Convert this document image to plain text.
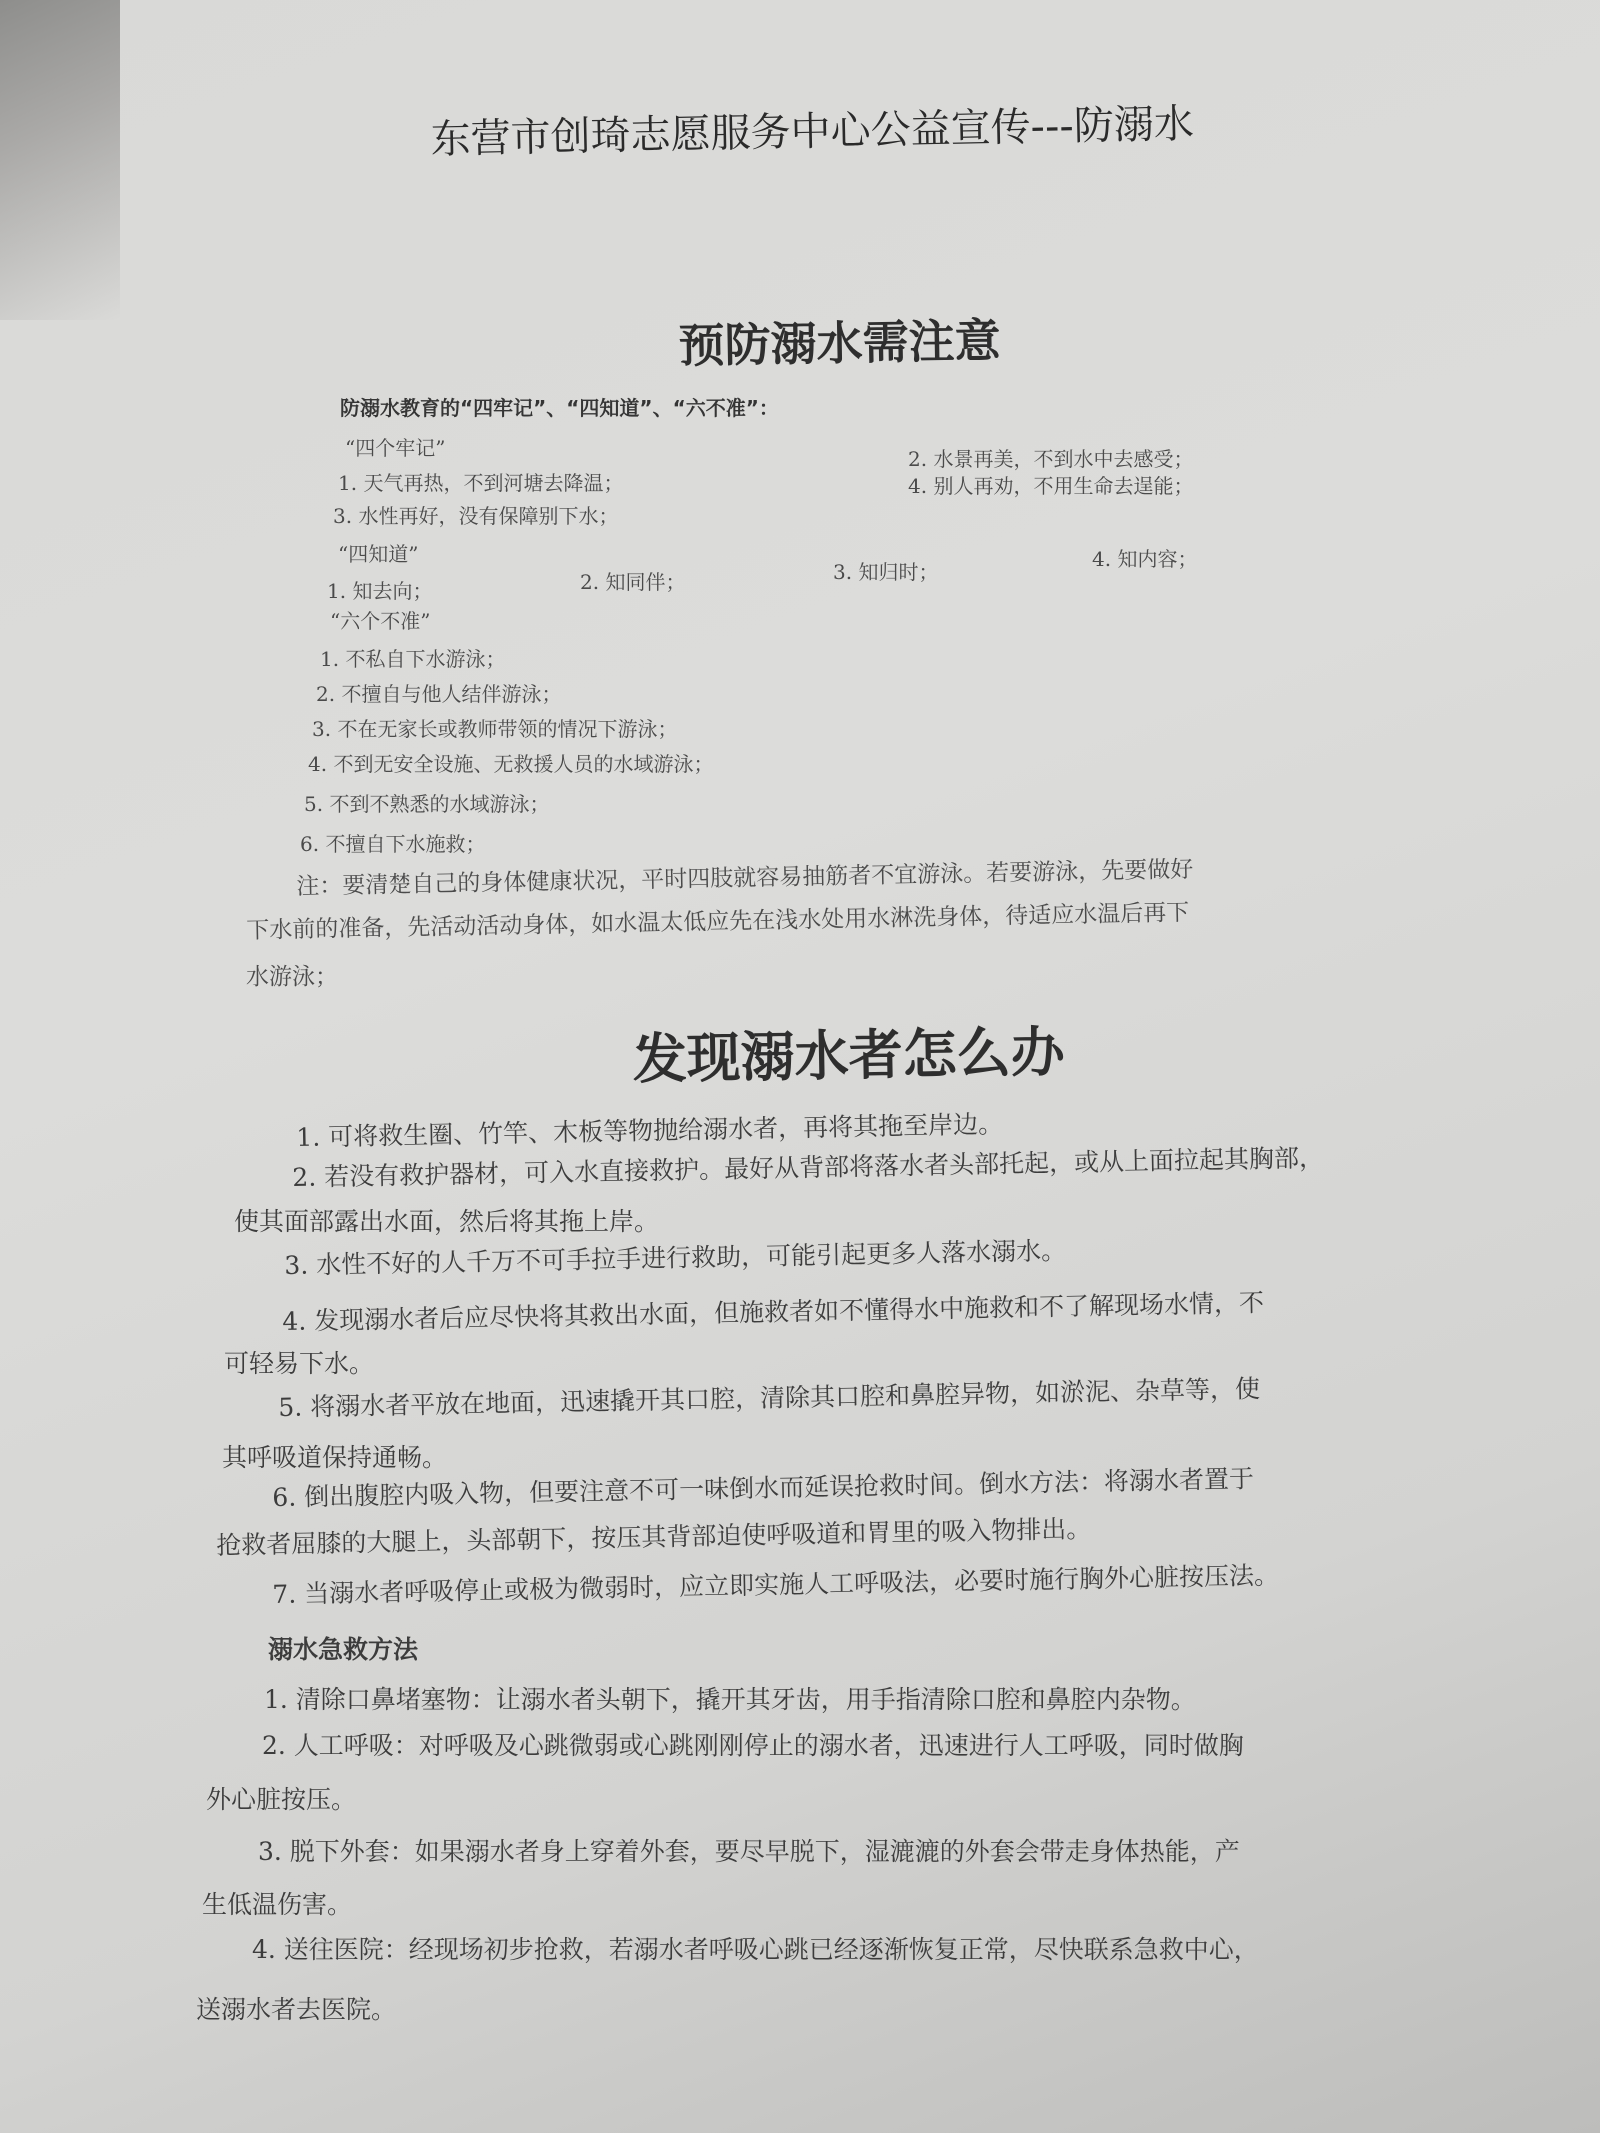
东营市创琦志愿服务中心公益宣传---防溺水
预防溺水需注意
防溺水教育的“四牢记”、“四知道”、“六不准”：
“四个牢记”
1. 天气再热，不到河塘去降温；
2. 水景再美，不到水中去感受；
3. 水性再好，没有保障别下水；
4. 别人再劝，不用生命去逞能；
“四知道”
1. 知去向；	2. 知同伴；	3. 知归时；
4. 知内容；
“六个不准”
1. 不私自下水游泳；
2. 不擅自与他人结伴游泳；
3. 不在无家长或教师带领的情况下游泳；
4. 不到无安全设施、无救援人员的水域游泳；
5. 不到不熟悉的水域游泳；
6. 不擅自下水施救；
注：要清楚自己的身体健康状况，平时四肢就容易抽筋者不宜游泳。若要游泳，先要做好
下水前的准备，先活动活动身体，如水温太低应先在浅水处用水淋洗身体，待适应水温后再下
水游泳；
发现溺水者怎么办
1. 可将救生圈、竹竿、木板等物抛给溺水者，再将其拖至岸边。
2. 若没有救护器材，可入水直接救护。最好从背部将落水者头部托起，或从上面拉起其胸部，
使其面部露出水面，然后将其拖上岸。
3. 水性不好的人千万不可手拉手进行救助，可能引起更多人落水溺水。
4. 发现溺水者后应尽快将其救出水面，但施救者如不懂得水中施救和不了解现场水情，不
可轻易下水。
5. 将溺水者平放在地面，迅速撬开其口腔，清除其口腔和鼻腔异物，如淤泥、杂草等，使
其呼吸道保持通畅。
6. 倒出腹腔内吸入物，但要注意不可一味倒水而延误抢救时间。倒水方法：将溺水者置于
抢救者屈膝的大腿上，头部朝下，按压其背部迫使呼吸道和胃里的吸入物排出。
7. 当溺水者呼吸停止或极为微弱时，应立即实施人工呼吸法，必要时施行胸外心脏按压法。
溺水急救方法
1. 清除口鼻堵塞物：让溺水者头朝下，撬开其牙齿，用手指清除口腔和鼻腔内杂物。
2. 人工呼吸：对呼吸及心跳微弱或心跳刚刚停止的溺水者，迅速进行人工呼吸，同时做胸
外心脏按压。
3. 脱下外套：如果溺水者身上穿着外套，要尽早脱下，湿漉漉的外套会带走身体热能，产
生低温伤害。
4. 送往医院：经现场初步抢救，若溺水者呼吸心跳已经逐渐恢复正常，尽快联系急救中心，
送溺水者去医院。
